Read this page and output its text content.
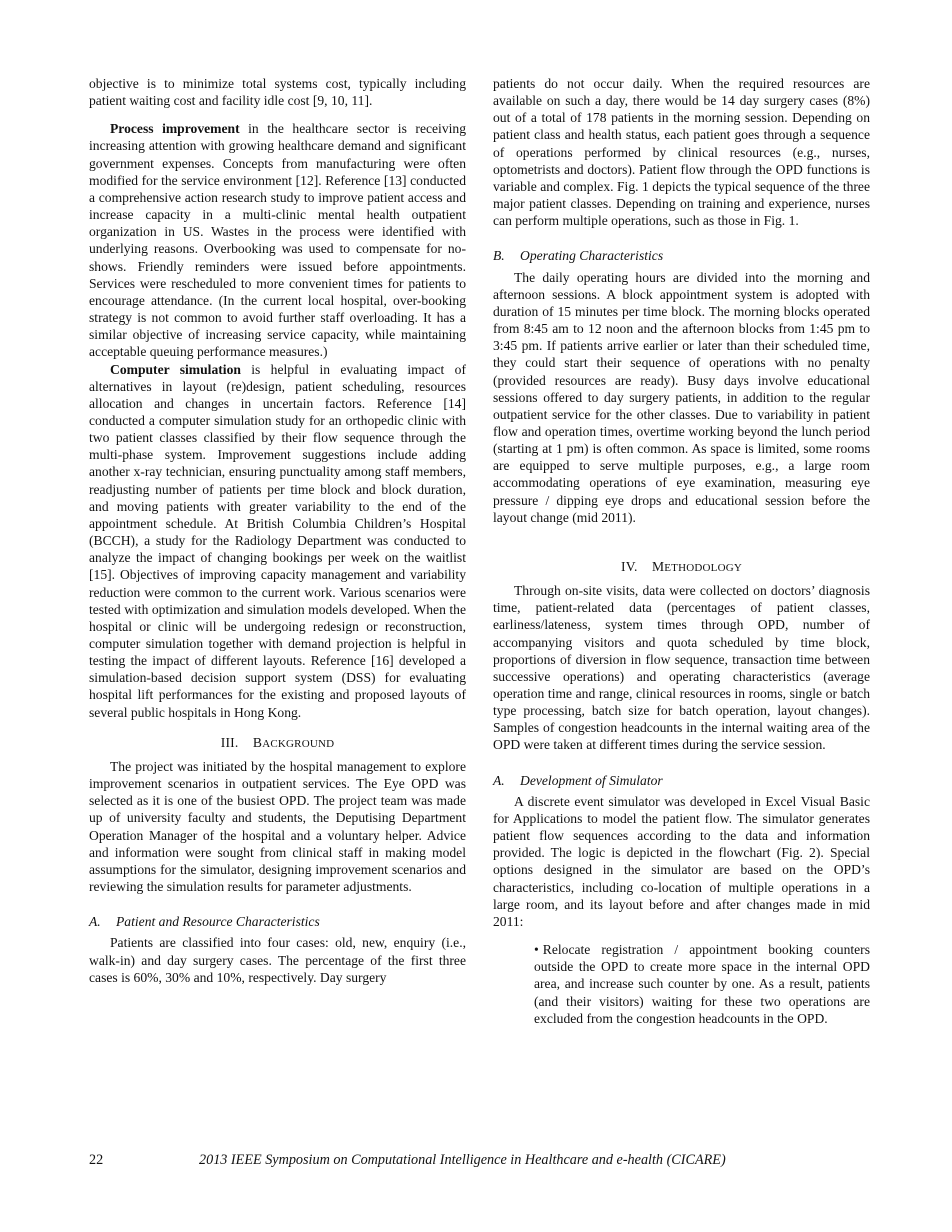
objective is to minimize total systems cost, typically including patient waiting cost and facility idle cost [9, 10, 11].

Process improvement in the healthcare sector is receiving increasing attention with growing healthcare demand and significant government expenses. Concepts from manufacturing were often modified for the service environment [12]. Reference [13] conducted a comprehensive action research study to improve patient access and increase capacity in a multi-clinic mental health outpatient organization in US. Wastes in the process were identified with underlying reasons. Overbooking was used to compensate for no-shows. Friendly reminders were issued before appointments. Services were rescheduled to more convenient times for patients to encourage attendance. (In the current local hospital, over-booking strategy is not common to avoid further staff overloading. It has a similar objective of increasing service capacity, while maintaining acceptable queuing performance measures.)

Computer simulation is helpful in evaluating impact of alternatives in layout (re)design, patient scheduling, resources allocation and changes in uncertain factors. Reference [14] conducted a computer simulation study for an orthopedic clinic with two patient classes classified by their flow sequence through the multi-phase system. Improvement suggestions include adding another x-ray technician, ensuring punctuality among staff members, readjusting number of patients per time block and block duration, and moving patients with greater variability to the end of the appointment schedule. At British Columbia Children’s Hospital (BCCH), a study for the Radiology Department was conducted to analyze the impact of changing bookings per week on the waitlist [15]. Objectives of improving capacity management and variability reduction were common to the current work. Various scenarios were tested with optimization and simulation models developed. When the hospital or clinic will be undergoing redesign or reconstruction, computer simulation together with demand projection is helpful in testing the impact of different layouts. Reference [16] developed a simulation-based decision support system (DSS) for evaluating hospital lift performances for the existing and proposed layouts of several public hospitals in Hong Kong.

III. BACKGROUND

The project was initiated by the hospital management to explore improvement scenarios in outpatient services. The Eye OPD was selected as it is one of the busiest OPD. The project team was made up of university faculty and students, the Deputising Department Operation Manager of the hospital and a voluntary helper. Advice and information were sought from clinical staff in making model assumptions for the simulator, designing improvement scenarios and reviewing the simulation results for parameter adjustments.

A. Patient and Resource Characteristics

Patients are classified into four cases: old, new, enquiry (i.e., walk-in) and day surgery cases. The percentage of the first three cases is 60%, 30% and 10%, respectively. Day surgery

patients do not occur daily. When the required resources are available on such a day, there would be 14 day surgery cases (8%) out of a total of 178 patients in the morning session. Depending on patient class and health status, each patient goes through a sequence of operations performed by clinical resources (e.g., nurses, optometrists and doctors). Patient flow through the OPD functions is variable and complex. Fig. 1 depicts the typical sequence of the three major patient classes. Depending on training and experience, nurses can perform multiple operations, such as those in Fig. 1.

B. Operating Characteristics

The daily operating hours are divided into the morning and afternoon sessions. A block appointment system is adopted with duration of 15 minutes per time block. The morning blocks operated from 8:45 am to 12 noon and the afternoon blocks from 1:45 pm to 3:45 pm. If patients arrive earlier or later than their scheduled time, they could start their sequence of operations with no penalty (provided resources are ready). Busy days involve educational sessions offered to day surgery patients, in addition to the regular outpatient service for the other classes. Due to variability in patient flow and operation times, overtime working beyond the lunch period (starting at 1 pm) is often common. As space is limited, some rooms are equipped to serve multiple purposes, e.g., a large room accommodating operations of eye examination, measuring eye pressure / dipping eye drops and educational session before the layout change (mid 2011).

IV. METHODOLOGY

Through on-site visits, data were collected on doctors’ diagnosis time, patient-related data (percentages of patient classes, earliness/lateness, system times through OPD, number of accompanying visitors and quota scheduled by time block, proportions of diversion in flow sequence, transaction time between successive operations) and operating characteristics (average operation time and range, clinical resources in rooms, single or batch type processing, batch size for batch operation, layout changes). Samples of congestion headcounts in the internal waiting area of the OPD were taken at different times during the service session.

A. Development of Simulator

A discrete event simulator was developed in Excel Visual Basic for Applications to model the patient flow. The simulator generates patient flow sequences according to the data and information provided. The logic is depicted in the flowchart (Fig. 2). Special options designed in the simulator are based on the OPD’s characteristics, including co-location of multiple operations in a large room, and its layout before and after changes made in mid 2011:

• Relocate registration / appointment booking counters outside the OPD to create more space in the internal OPD area, and increase such counter by one. As a result, patients (and their visitors) waiting for these two operations are excluded from the congestion headcounts in the OPD.
22	2013 IEEE Symposium on Computational Intelligence in Healthcare and e-health (CICARE)
